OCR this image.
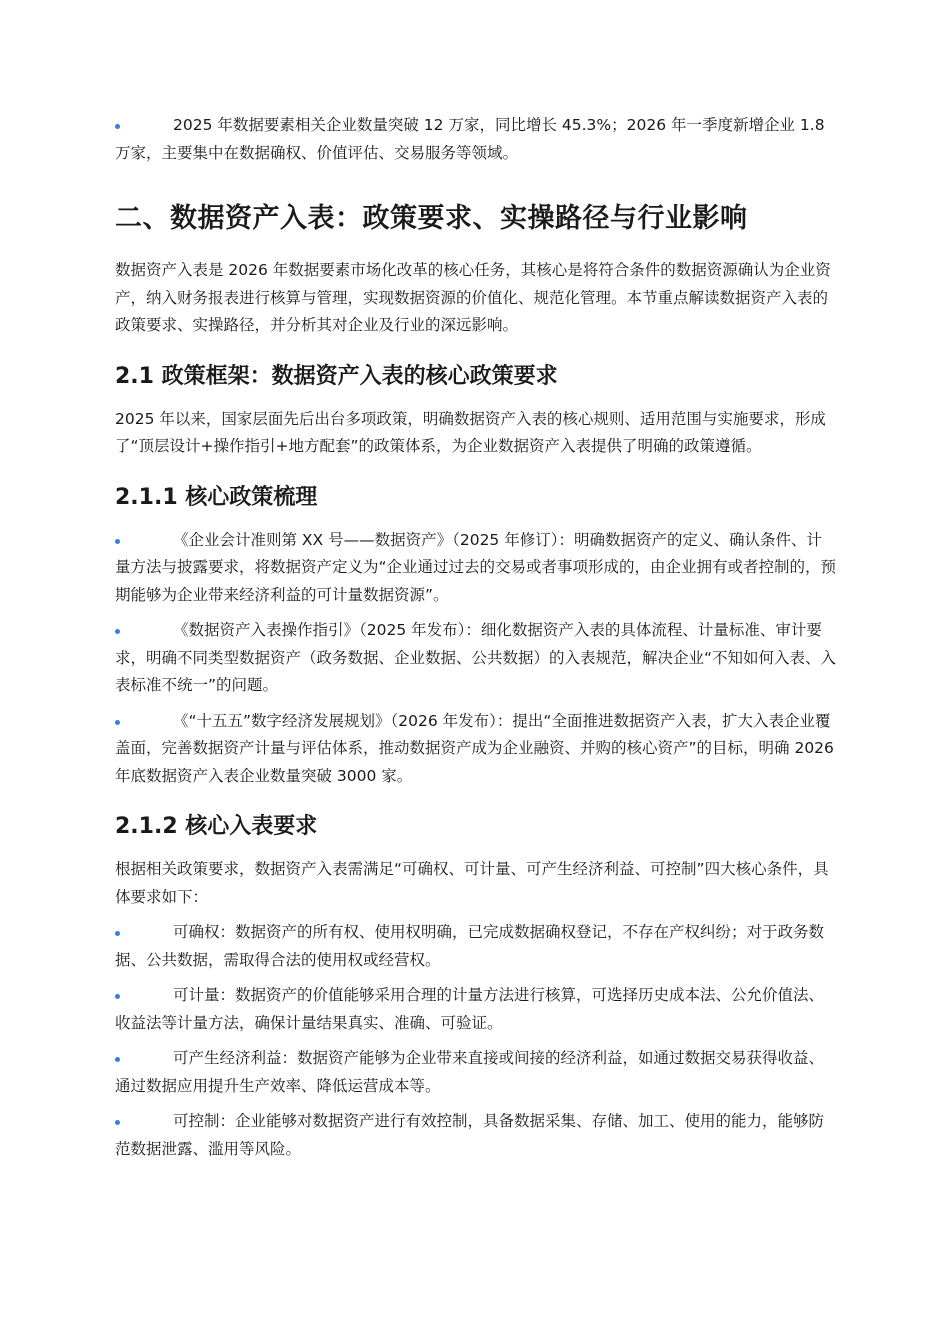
2025 年数据要素相关企业数量突破 12 万家，同比增长 45.3%；2026 年一季度新增企业 1.8 万家，主要集中在数据确权、价值评估、交易服务等领域。
二、数据资产入表：政策要求、实操路径与行业影响

数据资产入表是 2026 年数据要素市场化改革的核心任务，其核心是将符合条件的数据资源确认为企业资产，纳入财务报表进行核算与管理，实现数据资源的价值化、规范化管理。本节重点解读数据资产入表的政策要求、实操路径，并分析其对企业及行业的深远影响。

2.1 政策框架：数据资产入表的核心政策要求

2025 年以来，国家层面先后出台多项政策，明确数据资产入表的核心规则、适用范围与实施要求，形成了“顶层设计+操作指引+地方配套”的政策体系，为企业数据资产入表提供了明确的政策遵循。

2.1.1 核心政策梳理
《企业会计准则第 XX 号——数据资产》（2025 年修订）：明确数据资产的定义、确认条件、计量方法与披露要求，将数据资产定义为“企业通过过去的交易或者事项形成的，由企业拥有或者控制的，预期能够为企业带来经济利益的可计量数据资源”。
《数据资产入表操作指引》（2025 年发布）：细化数据资产入表的具体流程、计量标准、审计要求，明确不同类型数据资产（政务数据、企业数据、公共数据）的入表规范，解决企业“不知如何入表、入表标准不统一”的问题。
《“十五五”数字经济发展规划》（2026 年发布）：提出“全面推进数据资产入表，扩大入表企业覆盖面，完善数据资产计量与评估体系，推动数据资产成为企业融资、并购的核心资产”的目标，明确 2026 年底数据资产入表企业数量突破 3000 家。
2.1.2 核心入表要求

根据相关政策要求，数据资产入表需满足“可确权、可计量、可产生经济利益、可控制”四大核心条件，具体要求如下：

可确权：数据资产的所有权、使用权明确，已完成数据确权登记，不存在产权纠纷；对于政务数据、公共数据，需取得合法的使用权或经营权。
可计量：数据资产的价值能够采用合理的计量方法进行核算，可选择历史成本法、公允价值法、收益法等计量方法，确保计量结果真实、准确、可验证。
可产生经济利益：数据资产能够为企业带来直接或间接的经济利益，如通过数据交易获得收益、通过数据应用提升生产效率、降低运营成本等。
可控制：企业能够对数据资产进行有效控制，具备数据采集、存储、加工、使用的能力，能够防范数据泄露、滥用等风险。
